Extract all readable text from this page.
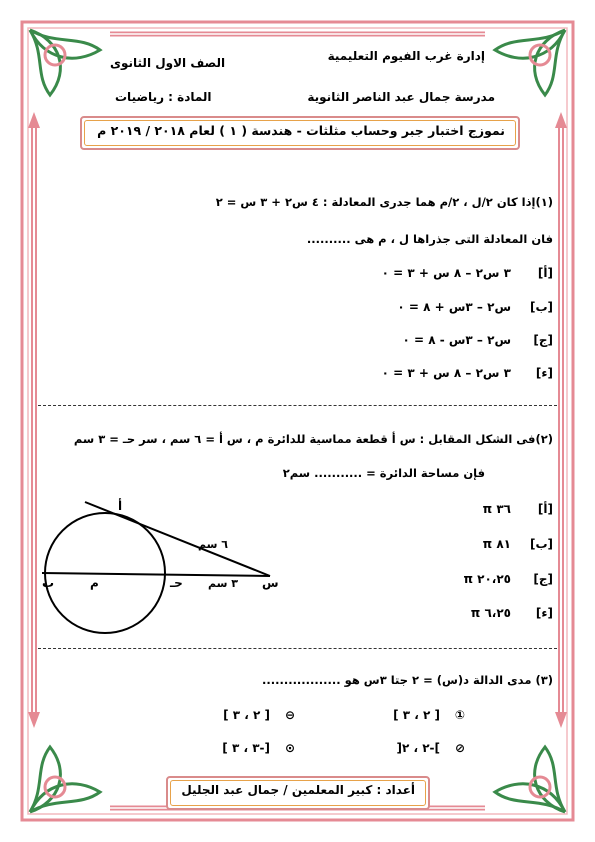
إدارة غرب الفيوم التعليمية
مدرسة جمال عبد الناصر الثانوية
الصف الاول الثانوى
المادة : رياضيات
نموزج اختبار جبر وحساب مثلثات - هندسة ( ١ ) لعام ٢٠١٨ / ٢٠١٩ م
(١)إذا كان ٢/ل ، ٢/م هما جدرى المعادلة : ٤ س٢ + ٣ س = ٢
فان المعادلة التى جذراها ل ، م هى ..........
[أ]
٣ س٢ – ٨ س + ٣ = ٠
[ب]
س٢ – ٣س + ٨ = ٠
[ج]
س٢ – ٣س - ٨ = ٠
[ء]
٣ س٢ – ٨ س + ٣ = ٠
(٢)فى الشكل المقابل : س أ قطعة مماسية للدائرة م ، س أ = ٦ سم ، سر حـ = ٣ سم
فإن مساحة الدائرة = ........... سم٢
[أ]
٣٦ π
[ب]
٨١ π
[ج]
٢٠،٢٥ π
[ء]
٦،٢٥ π
أ
ب	م	حـ	س
٦ سم
٣ سم
(٣) مدى الدالة د(س) = ٢ جتا ٣س هو ..................
①
[ ٢ ، ٣ ]
⊖
[ ٢ ، ٣ ]
⊘
]-٢ ، ٢[
⊙
[-٣ ، ٣ ]
أعداد : كبير المعلمين / جمال عبد الجليل
